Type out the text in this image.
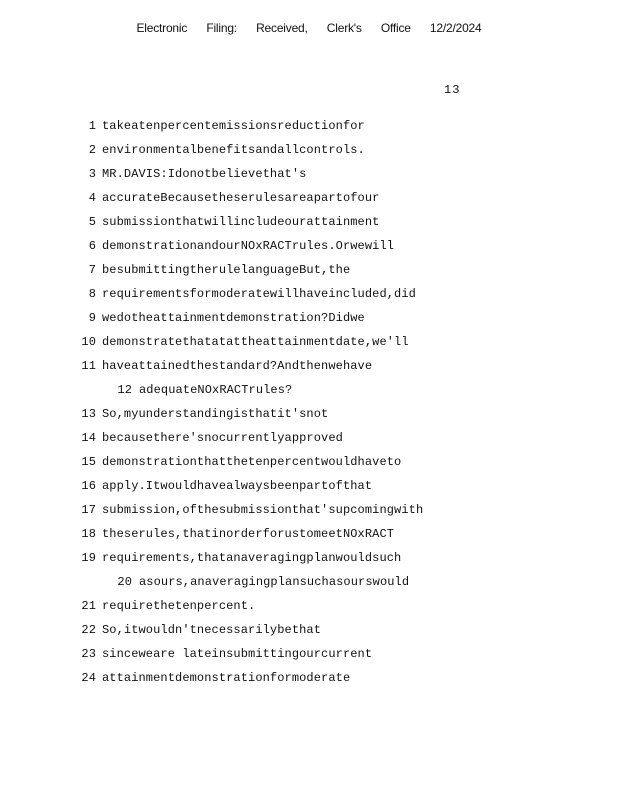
Electronic Filing: Received, Clerk's Office 12/2/2024
13
1 takeatenpercentemissionsreductionfor
2 environmentalbenefitsandallcontrols.
3 MR.DAVIS:Idonotbelievethat's
4 accurateBecausetheserulesareapartofour
5 submissionthatwillincludeourattainment
6 demonstrationandourNOxRACTrules.Orwewill
7 besubmittingtherulelanguageBut,the
8 requirementsformoderatewillhaveincluded,did
9 wedotheattainmentdemonstration?Didwe
10 demonstratethatatattheattainmentdate,we'll
11 haveattainedthestandard?Andthenwehave
12 adequateNOxRACTrules?
13 So,myunderstandingisthatit'snot
14 becausethere'snocurrentlyapproved
15 demonstrationthatthetenpercentwouldhaveto
16 apply.Itwouldhavealwaysbeenpartofthat
17 submission,ofthesubmissionthat'supcomingwith
18 theserules,thatinorderforustomeetNOxRACT
19 requirements,thatanaveragingplanwouldsuch
20 asours,anaveragingplansuchasourswould
21 requirethetenpercent.
22 So,itwouldn'tnecessarilybethat
23 sinceweare lateinsubmittingourcurrent
24 attainmentdemonstrationformoderate
